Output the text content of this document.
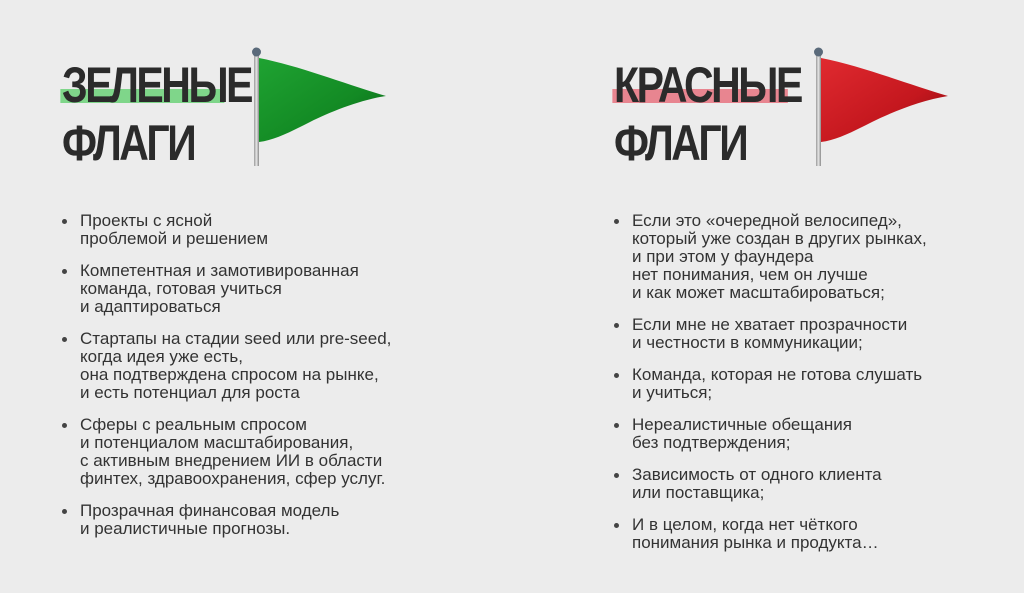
ЗЕЛЕНЫЕ
ФЛАГИ
Проекты с ясной
проблемой и решением
Компетентная и замотивированная
команда, готовая учиться
и адаптироваться
Стартапы на стадии seed или pre-seed,
когда идея уже есть,
она подтверждена спросом на рынке,
и есть потенциал для роста
Сферы с реальным спросом
и потенциалом масштабирования,
с активным внедрением ИИ в области
финтех, здравоохранения, сфер услуг.
Прозрачная финансовая модель
и реалистичные прогнозы.
КРАСНЫЕ
ФЛАГИ
Если это «очередной велосипед»,
который уже создан в других рынках,
и при этом у фаундера
нет понимания, чем он лучше
и как может масштабироваться;
Если мне не хватает прозрачности
и честности в коммуникации;
Команда, которая не готова слушать
и учиться;
Нереалистичные обещания
без подтверждения;
Зависимость от одного клиента
или поставщика;
И в целом, когда нет чёткого
понимания рынка и продукта…
